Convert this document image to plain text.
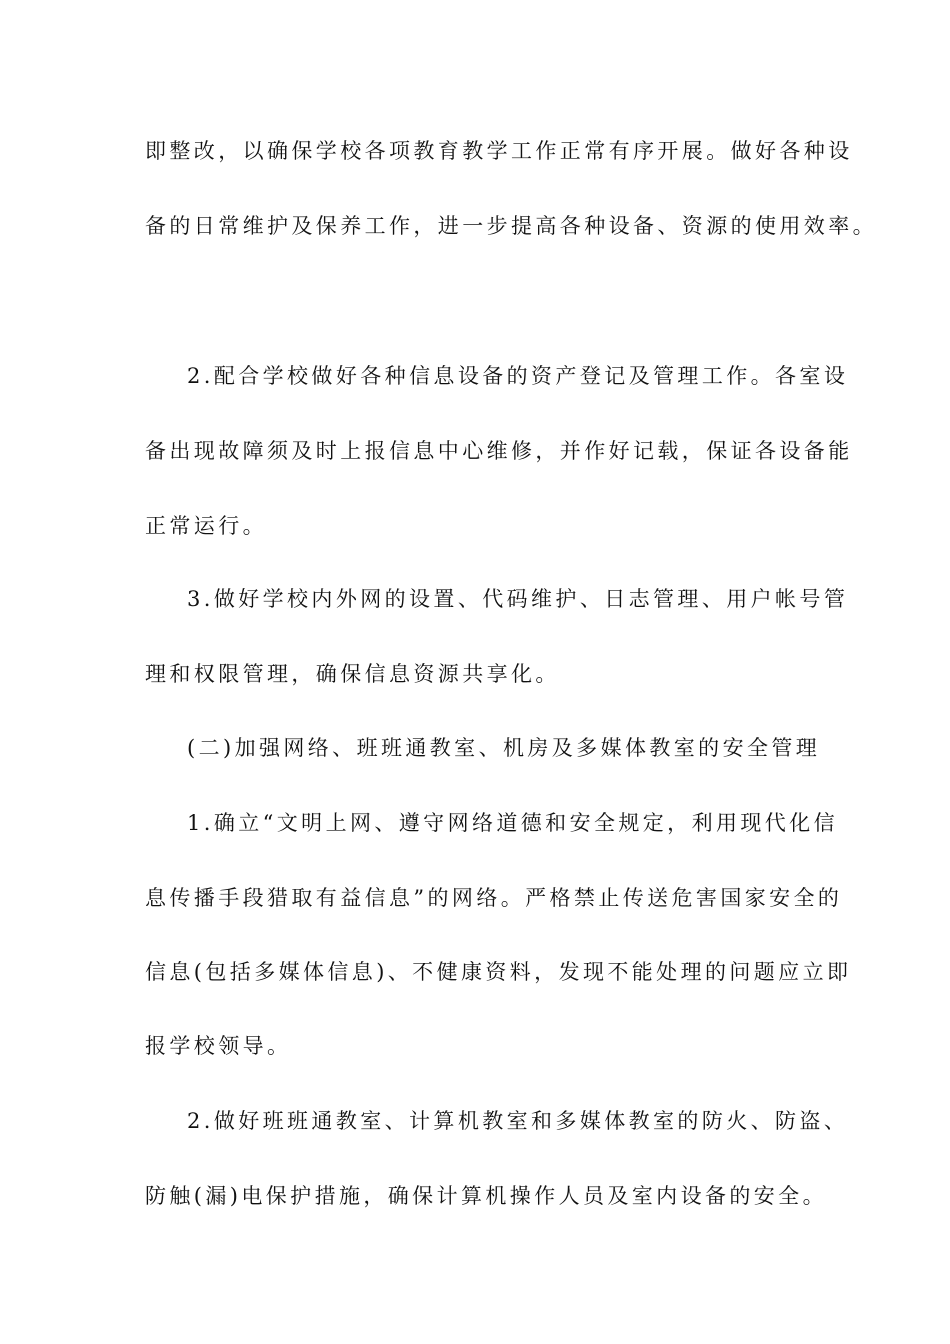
即整改，以确保学校各项教育教学工作正常有序开展。做好各种设
备的日常维护及保养工作，进一步提高各种设备、资源的使用效率。
2.配合学校做好各种信息设备的资产登记及管理工作。各室设
备出现故障须及时上报信息中心维修，并作好记载，保证各设备能
正常运行。
3.做好学校内外网的设置、代码维护、日志管理、用户帐号管
理和权限管理，确保信息资源共享化。
(二)加强网络、班班通教室、机房及多媒体教室的安全管理
1.确立“文明上网、遵守网络道德和安全规定，利用现代化信
息传播手段猎取有益信息”的网络。严格禁止传送危害国家安全的
信息(包括多媒体信息)、不健康资料，发现不能处理的问题应立即
报学校领导。
2.做好班班通教室、计算机教室和多媒体教室的防火、防盗、
防触(漏)电保护措施，确保计算机操作人员及室内设备的安全。
